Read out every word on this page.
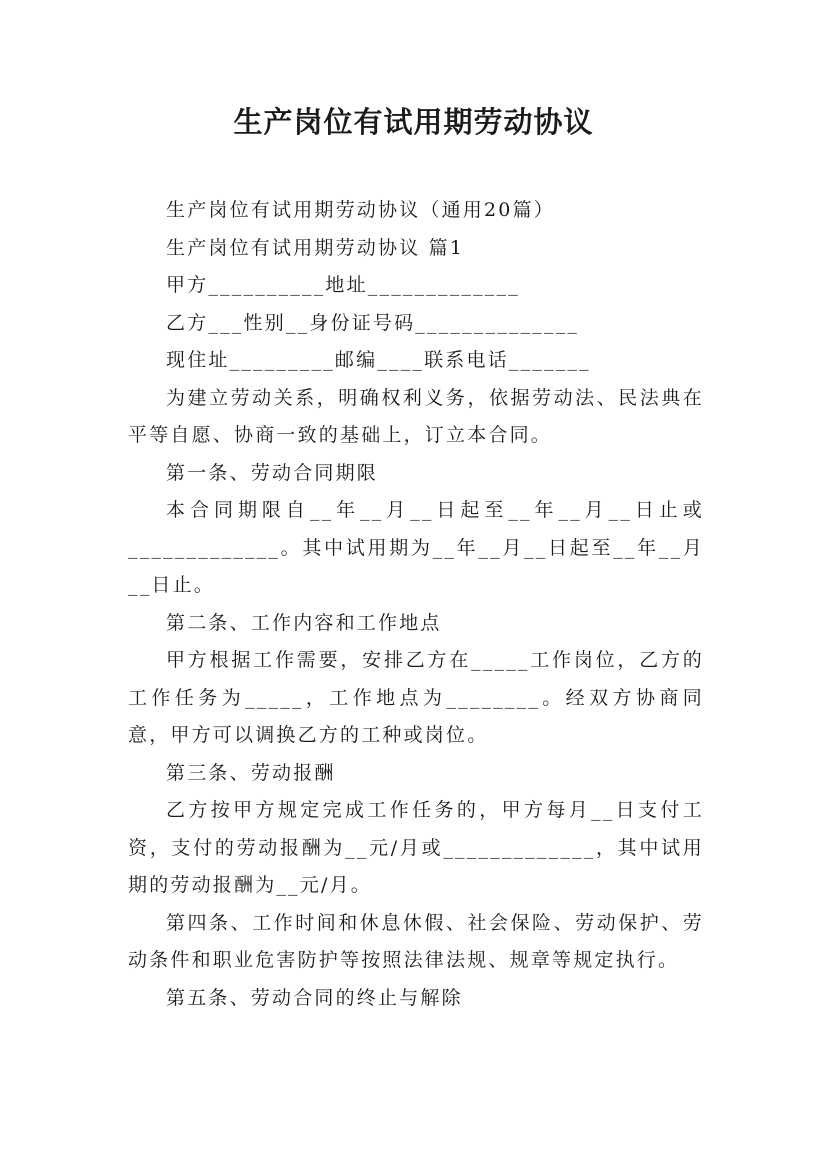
生产岗位有试用期劳动协议

生产岗位有试用期劳动协议（通用20篇）

生产岗位有试用期劳动协议 篇1

甲方__________地址_____________

乙方___性别__身份证号码______________

现住址_________邮编____联系电话_______

为建立劳动关系，明确权利义务，依据劳动法、民法典在平等自愿、协商一致的基础上，订立本合同。

第一条、劳动合同期限

本合同期限自__年__月__日起至__年__月__日止或_____________。其中试用期为__年__月__日起至__年__月__日止。

第二条、工作内容和工作地点

甲方根据工作需要，安排乙方在_____工作岗位，乙方的工作任务为_____，工作地点为________。经双方协商同意，甲方可以调换乙方的工种或岗位。

第三条、劳动报酬

乙方按甲方规定完成工作任务的，甲方每月__日支付工资，支付的劳动报酬为__元/月或_____________，其中试用期的劳动报酬为__元/月。

第四条、工作时间和休息休假、社会保险、劳动保护、劳动条件和职业危害防护等按照法律法规、规章等规定执行。

第五条、劳动合同的终止与解除
